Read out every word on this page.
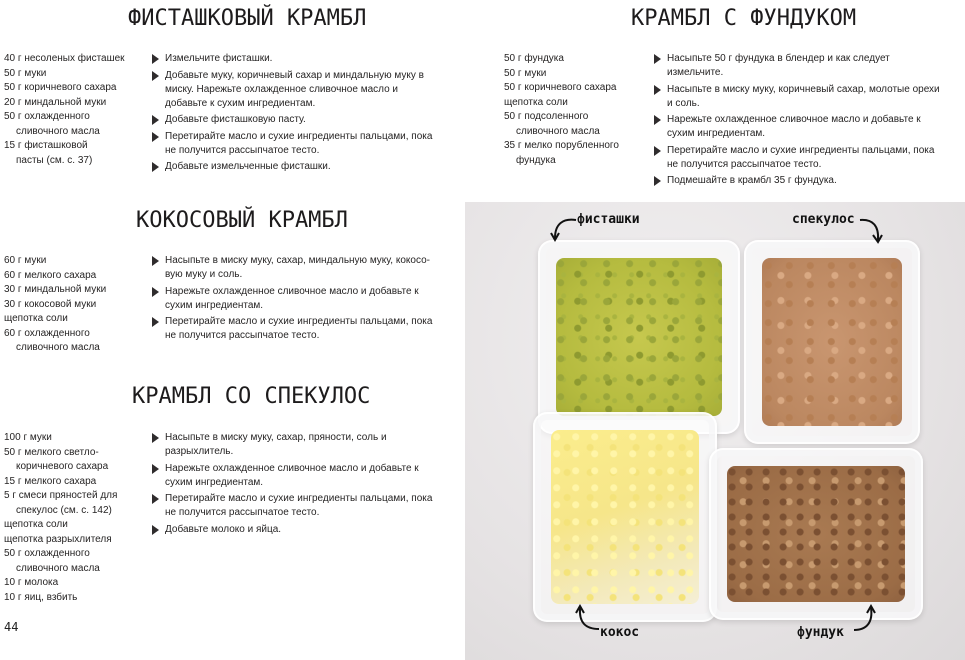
ФИСТАШКОВЫЙ КРАМБЛ
40 г несоленых фисташек
50 г муки
50 г коричневого сахара
20 г миндальной муки
50 г охлажденного
сливочного масла
15 г фисташковой
пасты (см. с. 37)
Измельчите фисташки.
Добавьте муку, коричневый сахар и миндальную муку в миску. Нарежьте охлажденное сливочное масло и добавьте к сухим ингредиентам.
Добавьте фисташковую пасту.
Перетирайте масло и сухие ингредиенты пальцами, пока не получится рассыпчатое тесто.
Добавьте измельченные фисташки.
КОКОСОВЫЙ КРАМБЛ
60 г муки
60 г мелкого сахара
30 г миндальной муки
30 г кокосовой муки
щепотка соли
60 г охлажденного
сливочного масла
Насыпьте в миску муку, сахар, миндальную муку, кокосо- вую муку и соль.
Нарежьте охлажденное сливочное масло и добавьте к сухим ингредиентам.
Перетирайте масло и сухие ингредиенты пальцами, пока не получится рассыпчатое тесто.
КРАМБЛ СО СПЕКУЛОС
100 г муки
50 г мелкого светло-
коричневого сахара
15 г мелкого сахара
5 г смеси пряностей для
спекулос (см. с. 142)
щепотка соли
щепотка разрыхлителя
50 г охлажденного
сливочного масла
10 г молока
10 г яиц, взбить
Насыпьте в миску муку, сахар, пряности, соль и разрыхлитель.
Нарежьте охлажденное сливочное масло и добавьте к сухим ингредиентам.
Перетирайте масло и сухие ингредиенты пальцами, пока не получится рассыпчатое тесто.
Добавьте молоко и яйца.
КРАМБЛ С ФУНДУКОМ
50 г фундука
50 г муки
50 г коричневого сахара
щепотка соли
50 г подсоленного
сливочного масла
35 г мелко порубленного
фундука
Насыпьте 50 г фундука в блендер и как следует измельчите.
Насыпьте в миску муку, коричневый сахар, молотые орехи и соль.
Нарежьте охлажденное сливочное масло и добавьте к сухим ингредиентам.
Перетирайте масло и сухие ингредиенты пальцами, пока не получится рассыпчатое тесто.
Подмешайте в крамбл 35 г фундука.
44
фисташки	спекулос
кокос	фундук
